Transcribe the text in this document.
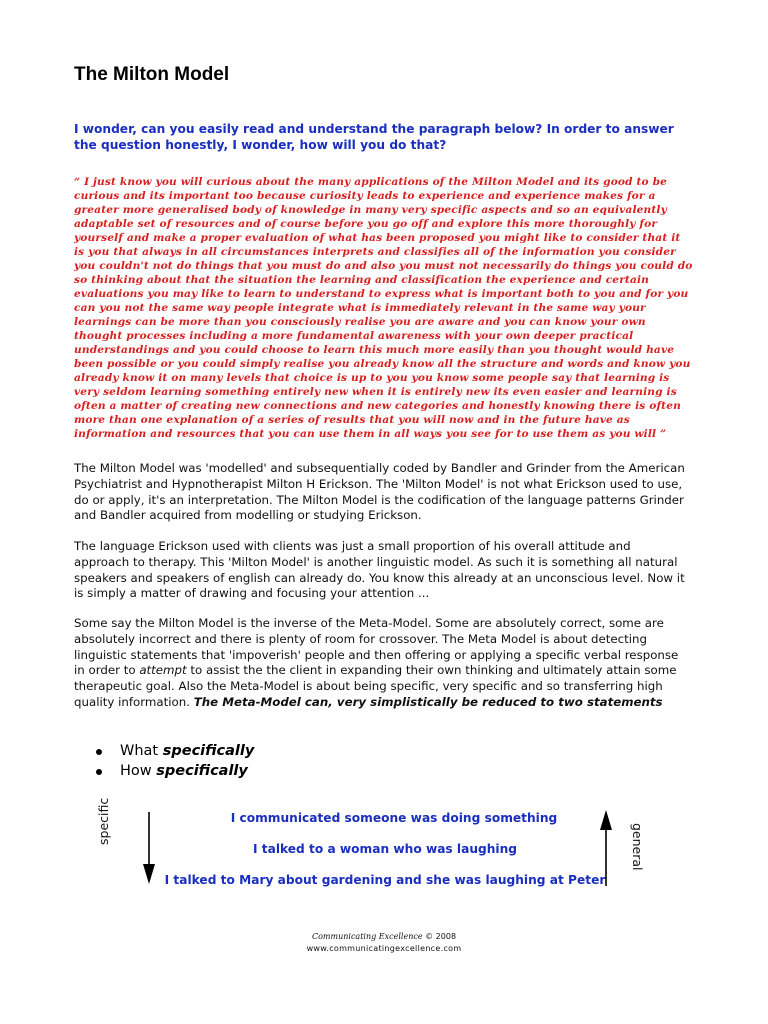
The Milton Model

I wonder, can you easily read and understand the paragraph below? In order to answer the question honestly, I wonder, how will you do that?

“ I just know you will curious about the many applications of the Milton Model and its good to be curious and its important too because curiosity leads to experience and experience makes for a greater more generalised body of knowledge in many very specific aspects and so an equivalently adaptable set of resources and of course before you go off and explore this more thoroughly for yourself and make a proper evaluation of what has been proposed you might like to consider that it is you that always in all circumstances interprets and classifies all of the information you consider you couldn't not do things that you must do and also you must not necessarily do things you could do so thinking about that the situation the learning and classification the experience and certain evaluations you may like to learn to understand to express what is important both to you and for you can you not the same way people integrate what is immediately relevant in the same way your learnings can be more than you consciously realise you are aware and you can know your own thought processes including a more fundamental awareness with your own deeper practical understandings and you could choose to learn this much more easily than you thought would have been possible or you could simply realise you already know all the structure and words and know you already know it on many levels that choice is up to you you know some people say that learning is very seldom learning something entirely new when it is entirely new its even easier and learning is often a matter of creating new connections and new categories and honestly knowing there is often more than one explanation of a series of results that you will now and in the future have as information and resources that you can use them in all ways you see for to use them as you will ”

The Milton Model was 'modelled' and subsequentially coded by Bandler and Grinder from the American Psychiatrist and Hypnotherapist Milton H Erickson. The 'Milton Model' is not what Erickson used to use, do or apply, it's an interpretation. The Milton Model is the codification of the language patterns Grinder and Bandler acquired from modelling or studying Erickson.

The language Erickson used with clients was just a small proportion of his overall attitude and approach to therapy. This 'Milton Model' is another linguistic model. As such it is something all natural speakers and speakers of english can already do. You know this already at an unconscious level. Now it is simply a matter of drawing and focusing your attention ...

Some say the Milton Model is the inverse of the Meta-Model. Some are absolutely correct, some are absolutely incorrect and there is plenty of room for crossover. The Meta Model is about detecting linguistic statements that 'impoverish' people and then offering or applying a specific verbal response in order to attempt to assist the the client in expanding their own thinking and ultimately attain some therapeutic goal. Also the Meta-Model is about being specific, very specific and so transferring high quality information. The Meta-Model can, very simplistically be reduced to two statements

What specifically
How specifically

I communicated someone was doing something

I talked to a woman who was laughing

I talked to Mary about gardening and she was laughing at Peter

specific
general

Communicating Excellence © 2008

www.communicatingexcellence.com
